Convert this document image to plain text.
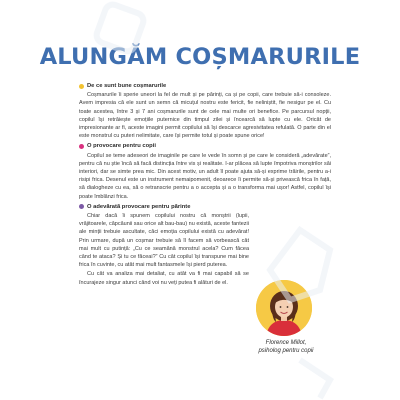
ALUNGĂM COȘMARURILE
De ce sunt bune coșmarurile

Coșmarurile îi sperie uneori la fel de mult și pe părinți, ca și pe copii, care trebuie să-i consoleze. Avem impresia că ele sunt un semn că micuțul nostru este fericit, fie neliniștit, fie nesigur pe el. Cu toate acestea, între 3 și 7 ani coșmarurile sunt de cele mai multe ori benefice. Pe parcursul nopții, copilul își retrăiește emoțiile puternice din timpul zilei și încearcă să lupte cu ele. Oricât de impresionante ar fi, aceste imagini permit copilului să își descarce agresivitatea refulată. O parte din el este monstrul cu puteri nelimitate, care își permite totul și poate spune orice!

O provocare pentru copii

Copilul se teme adeseori de imaginile pe care le vede în somn și pe care le consideră „adevărate”, pentru că nu știe încă să facă distincția între vis și realitate. I-ar plăcea să lupte împotriva monștrilor săi interiori, dar se simte prea mic. Din acest motiv, un adult îl poate ajuta să-și exprime trăirile, pentru a-i risipi frica. Desenul este un instrument nemaipomenit, deoarece îi permite să-și privească frica în față, să dialogheze cu ea, să o retranscrie pentru a o accepta și a o transforma mai ușor! Astfel, copilul își poate îmblânzi frica.

O adevărată provocare pentru părinte

Chiar dacă îi spunem copilului nostru că monștrii (lupii, vrăjitoarele, căpcăunii sau orice alt bau-bau) nu există, aceste fantezii ale minții trebuie ascultate, căci emoția copilului există cu adevărat! Prin urmare, după un coșmar trebuie să îl facem să vorbească cât mai mult cu putință: „Cu ce seamănă monstrul acela? Cum făcea când te ataca? Și tu ce făceai?” Cu cât copilul își transpune mai bine frica în cuvinte, cu atât mai mult fantasmele își pierd puterea.

Cu cât va analiza mai detaliat, cu atât va fi mai capabil să se încurajeze singur atunci când voi nu veți putea fi alături de el.

Florence Millot,
psiholog pentru copii
